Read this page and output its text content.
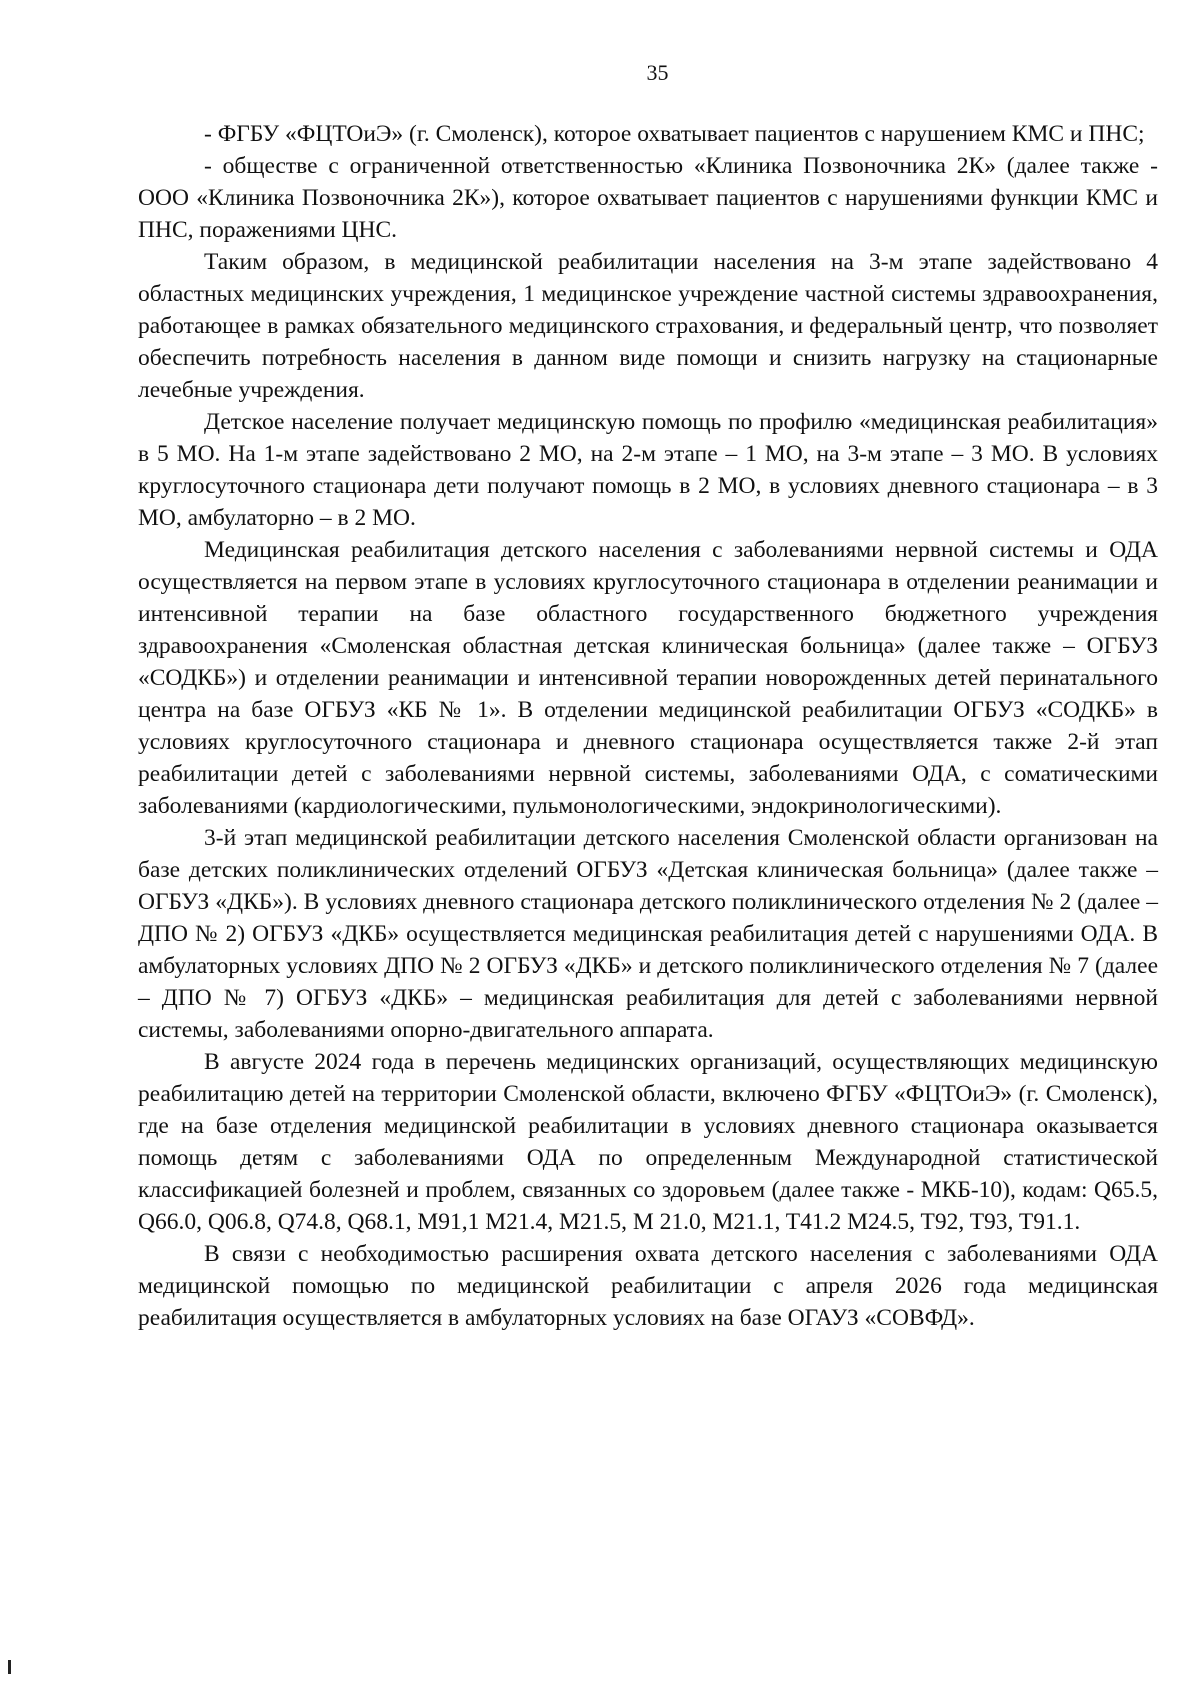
35

- ФГБУ «ФЦТОиЭ» (г. Смоленск), которое охватывает пациентов с нарушением КМС и ПНС;

- обществе с ограниченной ответственностью «Клиника Позвоночника 2К» (далее также - ООО «Клиника Позвоночника 2К»), которое охватывает пациентов с нарушениями функции КМС и ПНС, поражениями ЦНС.

Таким образом, в медицинской реабилитации населения на 3-м этапе задействовано 4 областных медицинских учреждения, 1 медицинское учреждение частной системы здравоохранения, работающее в рамках обязательного медицинского страхования, и федеральный центр, что позволяет обеспечить потребность населения в данном виде помощи и снизить нагрузку на стационарные лечебные учреждения.

Детское население получает медицинскую помощь по профилю «медицинская реабилитация» в 5 МО. На 1-м этапе задействовано 2 МО, на 2-м этапе – 1 МО, на 3-м этапе – 3 МО. В условиях круглосуточного стационара дети получают помощь в 2 МО, в условиях дневного стационара – в 3 МО, амбулаторно – в 2 МО.

Медицинская реабилитация детского населения с заболеваниями нервной системы и ОДА осуществляется на первом этапе в условиях круглосуточного стационара в отделении реанимации и интенсивной терапии на базе областного государственного бюджетного учреждения здравоохранения «Смоленская областная детская клиническая больница» (далее также – ОГБУЗ «СОДКБ») и отделении реанимации и интенсивной терапии новорожденных детей перинатального центра на базе ОГБУЗ «КБ № 1». В отделении медицинской реабилитации ОГБУЗ «СОДКБ» в условиях круглосуточного стационара и дневного стационара осуществляется также 2-й этап реабилитации детей с заболеваниями нервной системы, заболеваниями ОДА, с соматическими заболеваниями (кардиологическими, пульмонологическими, эндокринологическими).

3-й этап медицинской реабилитации детского населения Смоленской области организован на базе детских поликлинических отделений ОГБУЗ «Детская клиническая больница» (далее также – ОГБУЗ «ДКБ»). В условиях дневного стационара детского поликлинического отделения № 2 (далее – ДПО № 2) ОГБУЗ «ДКБ» осуществляется медицинская реабилитация детей с нарушениями ОДА. В амбулаторных условиях ДПО № 2 ОГБУЗ «ДКБ» и детского поликлинического отделения № 7 (далее – ДПО № 7) ОГБУЗ «ДКБ» – медицинская реабилитация для детей с заболеваниями нервной системы, заболеваниями опорно-двигательного аппарата.

В августе 2024 года в перечень медицинских организаций, осуществляющих медицинскую реабилитацию детей на территории Смоленской области, включено ФГБУ «ФЦТОиЭ» (г. Смоленск), где на базе отделения медицинской реабилитации в условиях дневного стационара оказывается помощь детям с заболеваниями ОДА по определенным Международной статистической классификацией болезней и проблем, связанных со здоровьем (далее также - МКБ-10), кодам: Q65.5, Q66.0, Q06.8, Q74.8, Q68.1, M91,1 M21.4, M21.5, M 21.0, M21.1, T41.2 M24.5, T92, T93, T91.1.

В связи с необходимостью расширения охвата детского населения с заболеваниями ОДА медицинской помощью по медицинской реабилитации с апреля 2026 года медицинская реабилитация осуществляется в амбулаторных условиях на базе ОГАУЗ «СОВФД».
